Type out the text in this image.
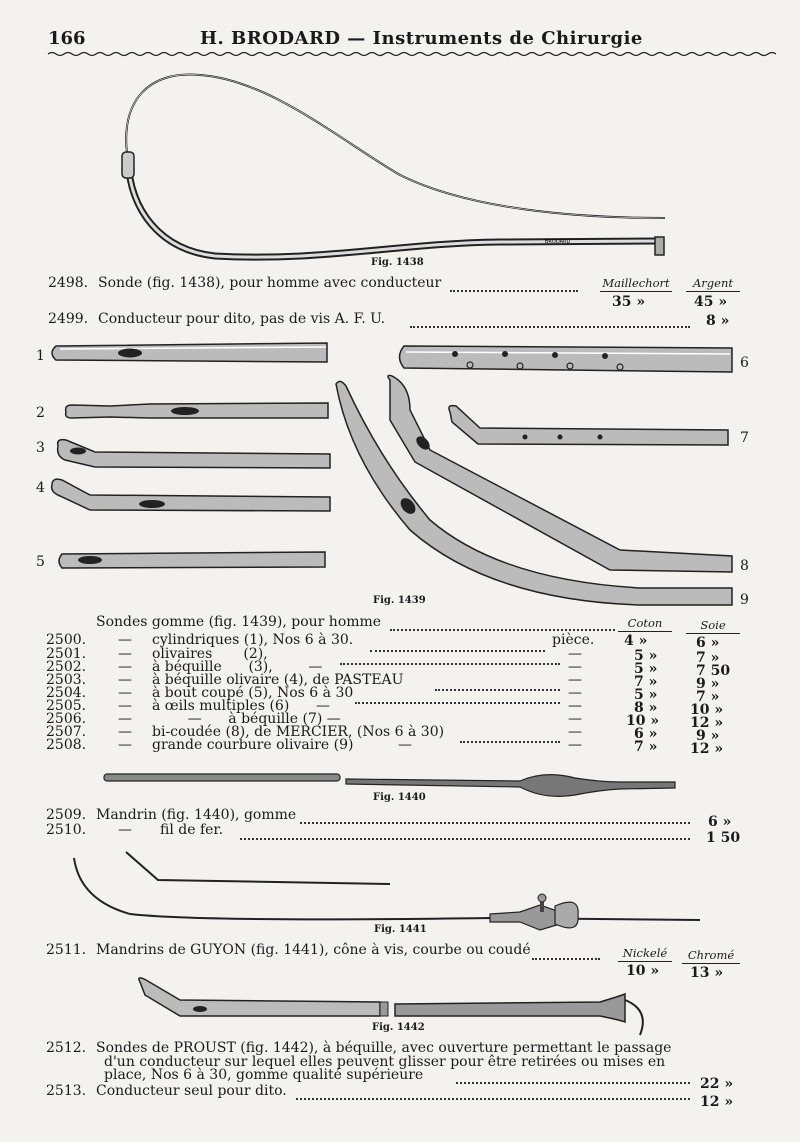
166	H. BRODARD — Instruments de Chirurgie
BRODARD
Fig. 1438
2498. Sonde (fig. 1438), pour homme avec conducteur	Maillechort	Argent
35 »	45 »
2499. Conducteur pour dito, pas de vis A. F. U.	8 »
1
2
3
4
5
6
7
8
9
Fig. 1439
Sondes gomme (fig. 1439), pour homme	Coton	Soie
2500. — cylindriques (1), Nos 6 à 30.	pièce. 4 »	6 »
2501. — olivaires       (2),	—	5 »	7 »
2502. — à béquille      (3),        —	—	5 »	7 50
2503. — à béquille olivaire (4), de PASTEAU	—	7 »	9 »
2504. — à bout coupé (5), Nos 6 à 30	—	5 »	7 »
2505. — à œils multiples (6)      —	—	8 » 10 »
2506. — —      à béquille (7) —	—	10 » 12 »
2507. — bi-coudée (8), de MERCIER, (Nos 6 à 30)	—	6 »	9 »
2508. — grande courbure olivaire (9)          —	—	7 » 12 »
Fig. 1440
2509. Mandrin (fig. 1440), gomme	6 »
2510. — fil de fer.	1 50
Fig. 1441
2511. Mandrins de GUYON (fig. 1441), cône à vis, courbe ou coudé	Nickelé	Chromé
10 » 13 »
Fig. 1442
2512. Sondes de PROUST (fig. 1442), à béquille, avec ouverture permettant le passage
d'un conducteur sur lequel elles peuvent glisser pour être retirées ou mises en
place, Nos 6 à 30, gomme qualité supérieure
22 »
2513. Conducteur seul pour dito.
12 »
